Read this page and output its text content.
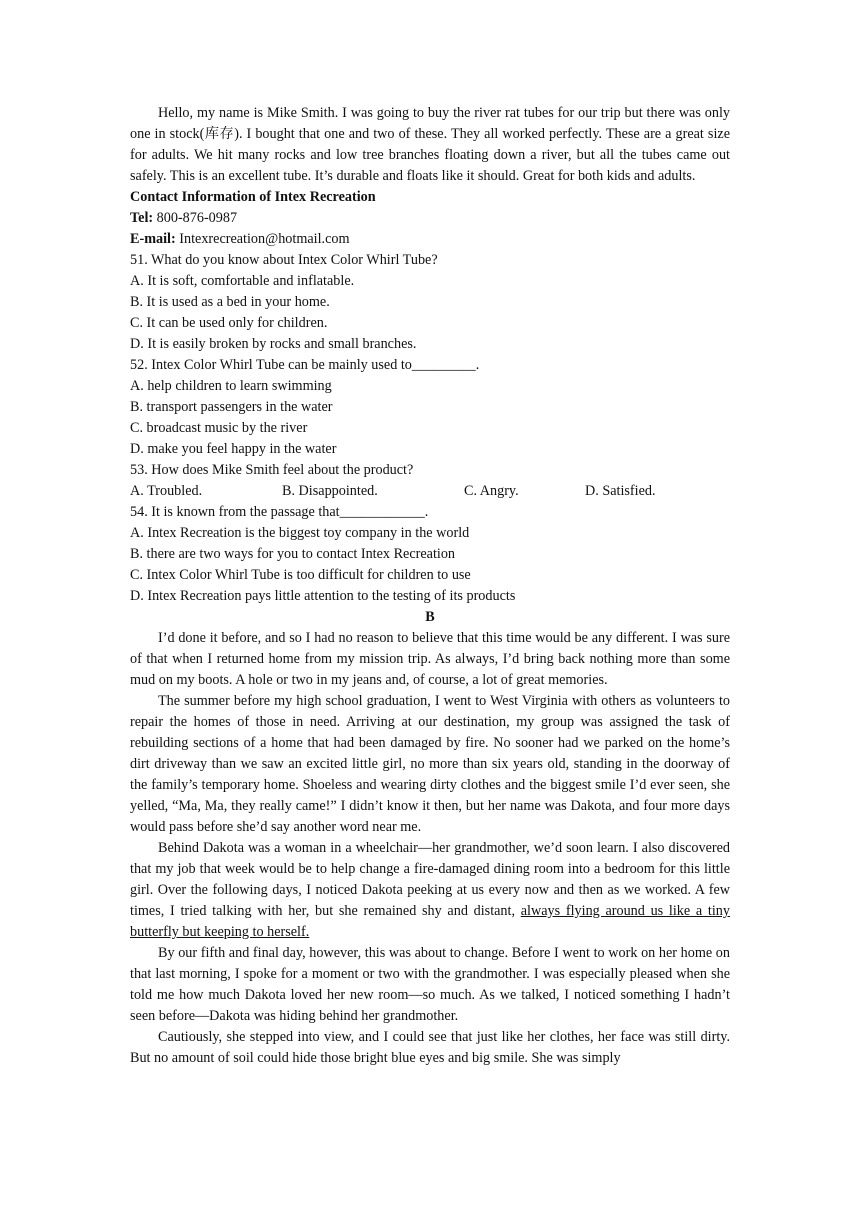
Hello, my name is Mike Smith. I was going to buy the river rat tubes for our trip but there was only one in stock(库存). I bought that one and two of these. They all worked perfectly. These are a great size for adults. We hit many rocks and low tree branches floating down a river, but all the tubes came out safely. This is an excellent tube. It’s durable and floats like it should. Great for both kids and adults.

Contact Information of Intex Recreation

Tel: 800-876-0987

E-mail: Intexrecreation@hotmail.com

51. What do you know about Intex Color Whirl Tube?

A. It is soft, comfortable and inflatable.

B. It is used as a bed in your home.

C. It can be used only for children.

D. It is easily broken by rocks and small branches.

52. Intex Color Whirl Tube can be mainly used to_________.

A. help children to learn swimming

B. transport passengers in the water

C. broadcast music by the river

D. make you feel happy in the water

53. How does Mike Smith feel about the product?

A. Troubled.	B. Disappointed.	C. Angry.	D. Satisfied.

54. It is known from the passage that____________.

A. Intex Recreation is the biggest toy company in the world

B. there are two ways for you to contact Intex Recreation

C. Intex Color Whirl Tube is too difficult for children to use

D. Intex Recreation pays little attention to the testing of its products

B

I’d done it before, and so I had no reason to believe that this time would be any different. I was sure of that when I returned home from my mission trip. As always, I’d bring back nothing more than some mud on my boots. A hole or two in my jeans and, of course, a lot of great memories.

The summer before my high school graduation, I went to West Virginia with others as volunteers to repair the homes of those in need. Arriving at our destination, my group was assigned the task of rebuilding sections of a home that had been damaged by fire. No sooner had we parked on the home’s dirt driveway than we saw an excited little girl, no more than six years old, standing in the doorway of the family’s temporary home. Shoeless and wearing dirty clothes and the biggest smile I’d ever seen, she yelled, “Ma, Ma, they really came!” I didn’t know it then, but her name was Dakota, and four more days would pass before she’d say another word near me.

Behind Dakota was a woman in a wheelchair—her grandmother, we’d soon learn. I also discovered that my job that week would be to help change a fire-damaged dining room into a bedroom for this little girl. Over the following days, I noticed Dakota peeking at us every now and then as we worked. A few times, I tried talking with her, but she remained shy and distant, always flying around us like a tiny butterfly but keeping to herself.

By our fifth and final day, however, this was about to change. Before I went to work on her home on that last morning, I spoke for a moment or two with the grandmother. I was especially pleased when she told me how much Dakota loved her new room—so much. As we talked, I noticed something I hadn’t seen before—Dakota was hiding behind her grandmother.

Cautiously, she stepped into view, and I could see that just like her clothes, her face was still dirty. But no amount of soil could hide those bright blue eyes and big smile. She was simply
